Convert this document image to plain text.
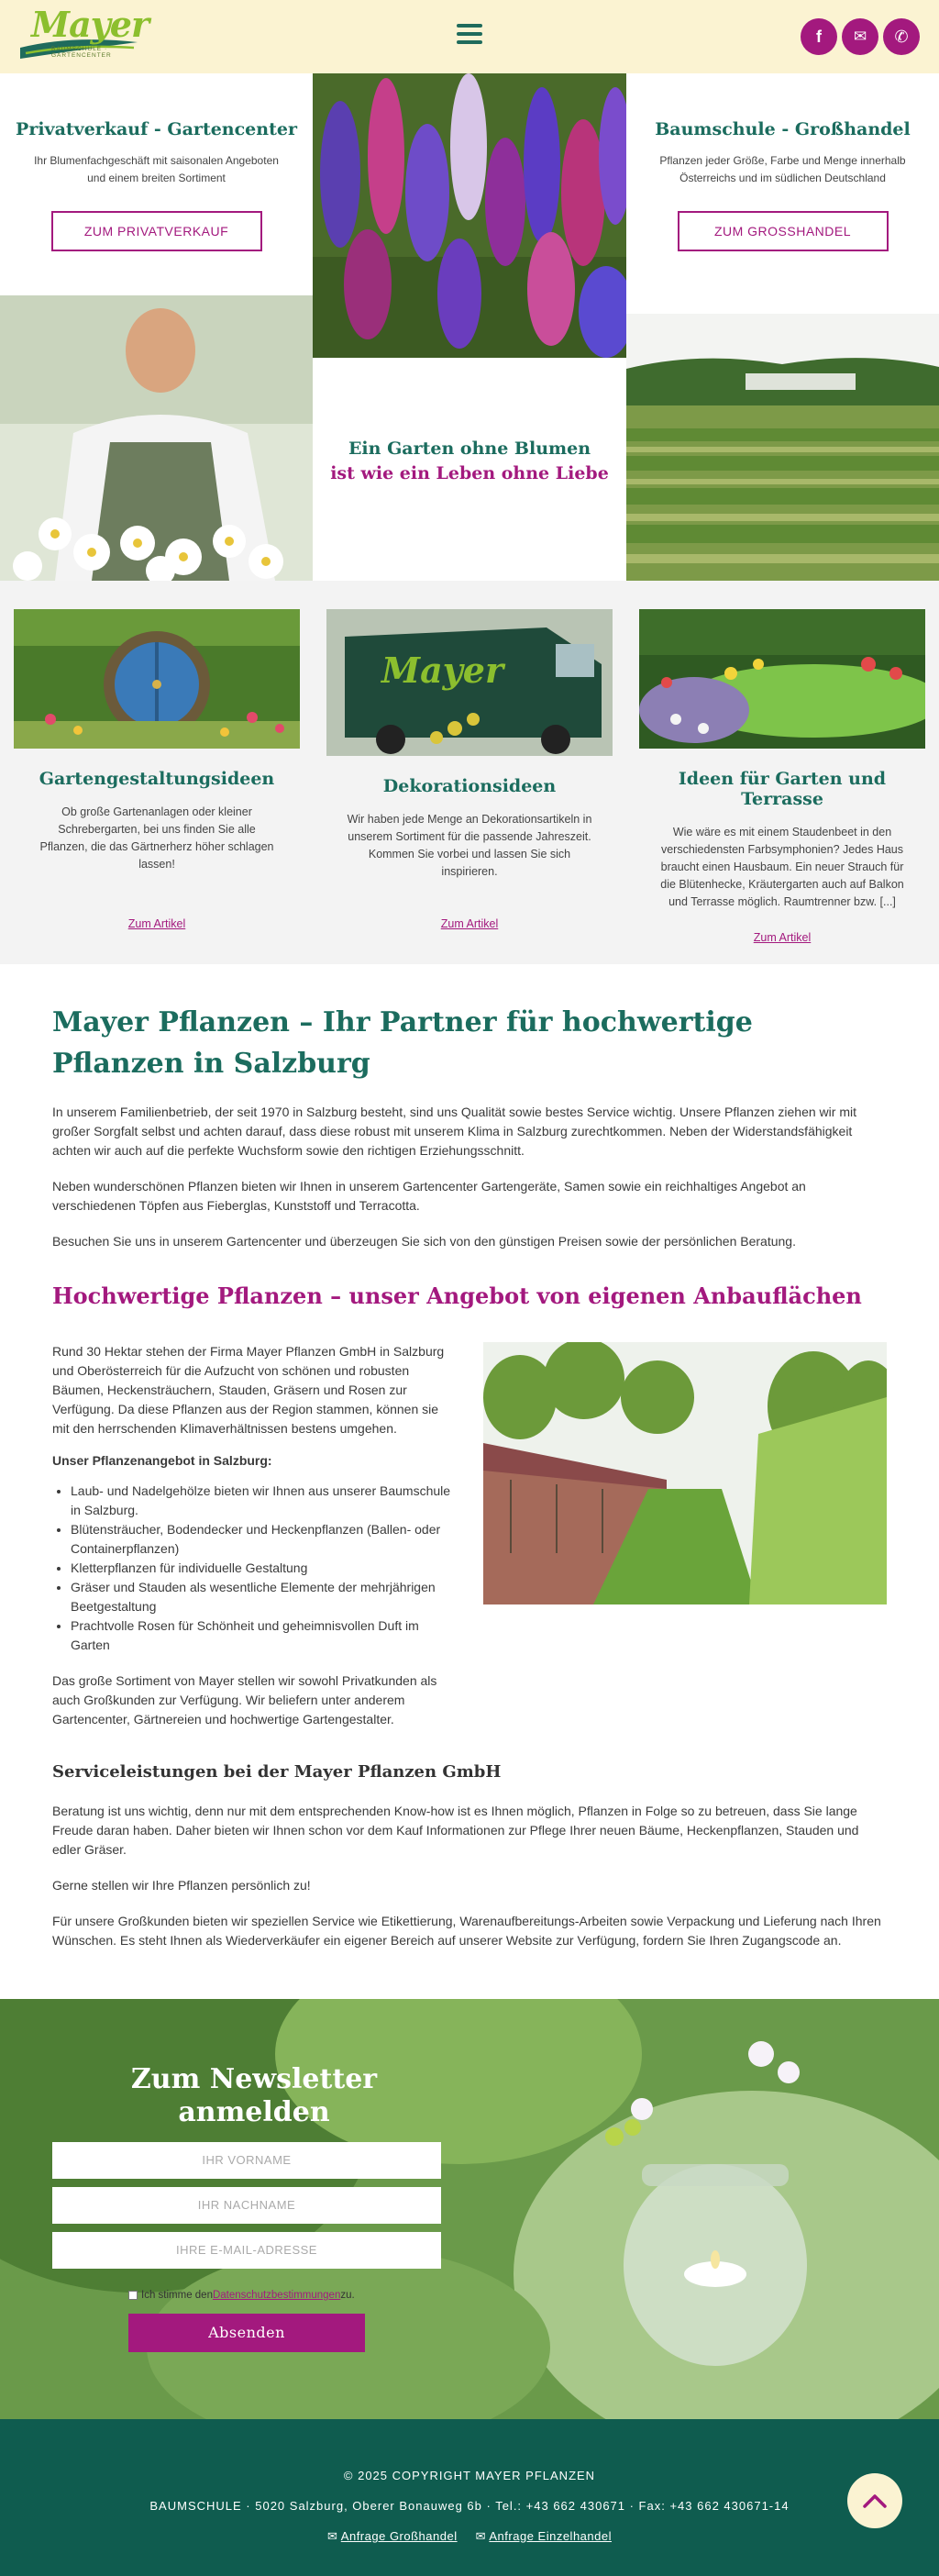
Mayer
BAUMSCHULE · GARTENCENTER
f ✉ ✆
Privatverkauf - Gartencenter

Ihr Blumenfachgeschäft mit saisonalen Angeboten und einem breiten Sortiment

ZUM PRIVATVERKAUF
Baumschule - Großhandel

Pflanzen jeder Größe, Farbe und Menge innerhalb Österreichs und im südlichen Deutschland

ZUM GROSSHANDEL
Ein Garten ohne Blumen
ist wie ein Leben ohne Liebe
Gartengestaltungsideen

Ob große Gartenanlagen oder kleiner Schrebergarten, bei uns finden Sie alle Pflanzen, die das Gärtnerherz höher schlagen lassen!

Zum Artikel
Mayer
Dekorationsideen

Wir haben jede Menge an Dekorationsartikeln in unserem Sortiment für die passende Jahreszeit. Kommen Sie vorbei und lassen Sie sich inspirieren.

Zum Artikel
Ideen für Garten und Terrasse

Wie wäre es mit einem Staudenbeet in den verschiedensten Farbsymphonien? Jedes Haus braucht einen Hausbaum. Ein neuer Strauch für die Blütenhecke, Kräutergarten auch auf Balkon und Terrasse möglich. Raumtrenner bzw. [...]

Zum Artikel
Mayer Pflanzen – Ihr Partner für hochwertige Pflanzen in Salzburg

In unserem Familienbetrieb, der seit 1970 in Salzburg besteht, sind uns Qualität sowie bestes Service wichtig. Unsere Pflanzen ziehen wir mit großer Sorgfalt selbst und achten darauf, dass diese robust mit unserem Klima in Salzburg zurechtkommen. Neben der Widerstandsfähigkeit achten wir auch auf die perfekte Wuchsform sowie den richtigen Erziehungsschnitt.

Neben wunderschönen Pflanzen bieten wir Ihnen in unserem Gartencenter Gartengeräte, Samen sowie ein reichhaltiges Angebot an verschiedenen Töpfen aus Fieberglas, Kunststoff und Terracotta.

Besuchen Sie uns in unserem Gartencenter und überzeugen Sie sich von den günstigen Preisen sowie der persönlichen Beratung.

Hochwertige Pflanzen – unser Angebot von eigenen Anbauflächen

Rund 30 Hektar stehen der Firma Mayer Pflanzen GmbH in Salzburg und Oberösterreich für die Aufzucht von schönen und robusten Bäumen, Heckensträuchern, Stauden, Gräsern und Rosen zur Verfügung. Da diese Pflanzen aus der Region stammen, können sie mit den herrschenden Klimaverhältnissen bestens umgehen.

Unser Pflanzenangebot in Salzburg:

• Laub- und Nadelgehölze bieten wir Ihnen aus unserer Baumschule in Salzburg.
• Blütensträucher, Bodendecker und Heckenpflanzen (Ballen- oder Containerpflanzen)
• Kletterpflanzen für individuelle Gestaltung
• Gräser und Stauden als wesentliche Elemente der mehrjährigen Beetgestaltung
• Prachtvolle Rosen für Schönheit und geheimnisvollen Duft im Garten

Das große Sortiment von Mayer stellen wir sowohl Privatkunden als auch Großkunden zur Verfügung. Wir beliefern unter anderem Gartencenter, Gärtnereien und hochwertige Gartengestalter.

Serviceleistungen bei der Mayer Pflanzen GmbH

Beratung ist uns wichtig, denn nur mit dem entsprechenden Know-how ist es Ihnen möglich, Pflanzen in Folge so zu betreuen, dass Sie lange Freude daran haben. Daher bieten wir Ihnen schon vor dem Kauf Informationen zur Pflege Ihrer neuen Bäume, Heckenpflanzen, Stauden und edler Gräser.

Gerne stellen wir Ihre Pflanzen persönlich zu!

Für unsere Großkunden bieten wir speziellen Service wie Etikettierung, Warenaufbereitungs-Arbeiten sowie Verpackung und Lieferung nach Ihren Wünschen. Es steht Ihnen als Wiederverkäufer ein eigener Bereich auf unserer Website zur Verfügung, fordern Sie Ihren Zugangscode an.

Zum Newsletter
anmelden
IHR VORNAME
IHR NACHNAME
IHRE E-MAIL-ADRESSE
Ich stimme den Datenschutzbestimmungen zu.
Absenden
© 2025 COPYRIGHT MAYER PFLANZEN
BAUMSCHULE · 5020 Salzburg, Oberer Bonauweg 6b · Tel.: +43 662 430671 · Fax: +43 662 430671-14
✉ Anfrage Großhandel ✉ Anfrage Einzelhandel
